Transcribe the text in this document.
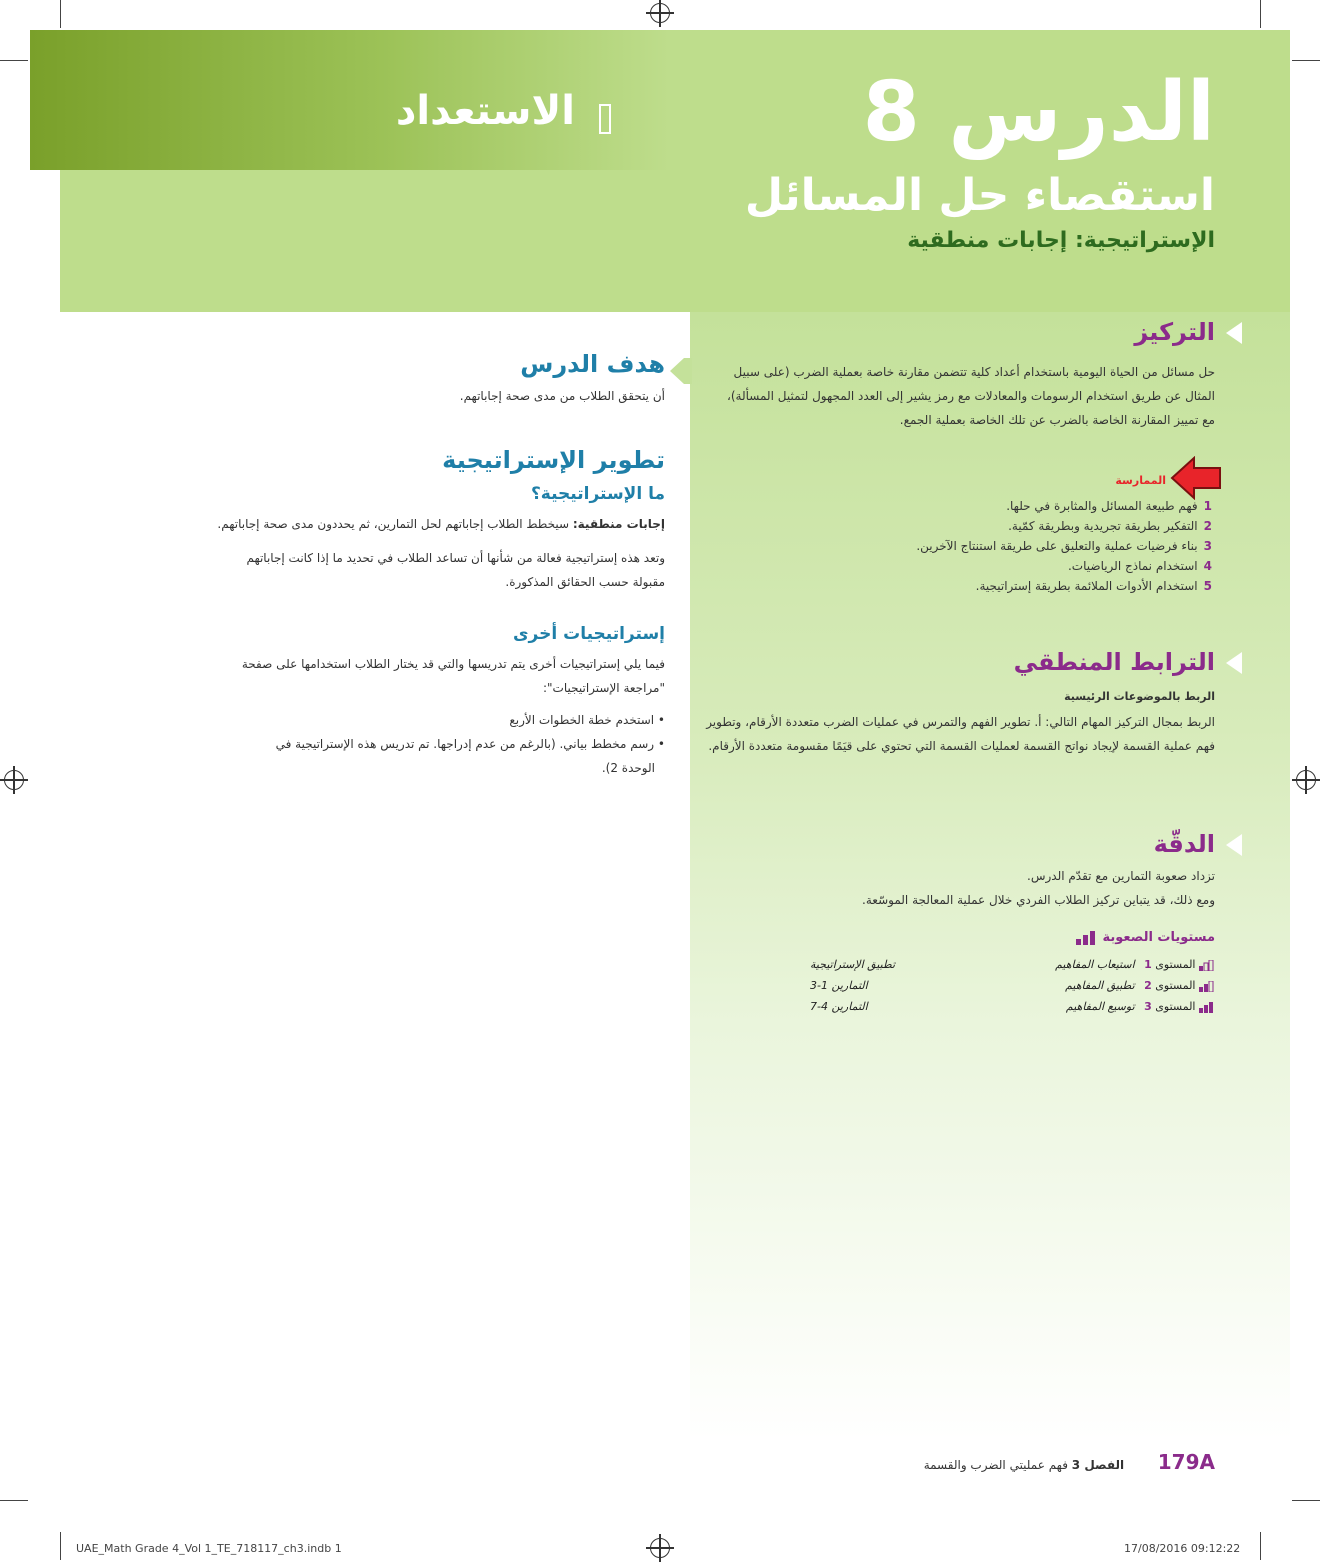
الاستعداد	الدرس 8
استقصاء حل المسائل
الإستراتيجية: إجابات منطقية
التركيز
حل مسائل من الحياة اليومية باستخدام أعداد كلية تتضمن مقارنة خاصة بعملية الضرب (على سبيل
المثال عن طريق استخدام الرسومات والمعادلات مع رمز يشير إلى العدد المجهول لتمثيل المسألة)،
مع تمييز المقارنة الخاصة بالضرب عن تلك الخاصة بعملية الجمع.
الممارسة
1فهم طبيعة المسائل والمثابرة في حلها.
2التفكير بطريقة تجريدية وبطريقة كمّية.
3بناء فرضيات عملية والتعليق على طريقة استنتاج الآخرين.
4استخدام نماذج الرياضيات.
5استخدام الأدوات الملائمة بطريقة إستراتيجية.
الترابط المنطقي
الربط بالموضوعات الرئيسية
الربط بمجال التركيز المهام التالي: أ. تطوير الفهم والتمرس في عمليات الضرب متعددة الأرقام، وتطوير
فهم عملية القسمة لإيجاد نواتج القسمة لعمليات القسمة التي تحتوي على قيَمًا مقسومة متعددة الأرقام.
الدقّة
تزداد صعوبة التمارين مع تقدّم الدرس.
ومع ذلك، قد يتباين تركيز الطلاب الفردي خلال عملية المعالجة الموسّعة.
مستويات الصعوبة
المستوى 1 استيعاب المفاهيم
تطبيق الإستراتيجية
المستوى 2 تطبيق المفاهيم
التمارين 1-3
المستوى 3 توسيع المفاهيم
التمارين 4-7
هدف الدرس
أن يتحقق الطلاب من مدى صحة إجاباتهم.
تطوير الإستراتيجية
ما الإستراتيجية؟
إجابات منطقية: سيخطط الطلاب إجاباتهم لحل التمارين، ثم يحددون مدى صحة إجاباتهم.
وتعد هذه إستراتيجية فعالة من شأنها أن تساعد الطلاب في تحديد ما إذا كانت إجاباتهم
مقبولة حسب الحقائق المذكورة.
إستراتيجيات أخرى
فيما يلي إستراتيجيات أخرى يتم تدريسها والتي قد يختار الطلاب استخدامها على صفحة
"مراجعة الإستراتيجيات":
• استخدم خطة الخطوات الأربع
• رسم مخطط بياني. (بالرغم من عدم إدراجها. تم تدريس هذه الإستراتيجية في
الوحدة 2).
179A  الفصل 3 فهم عمليتي الضرب والقسمة
UAE_Math Grade 4_Vol 1_TE_718117_ch3.indb 1	17/08/2016 09:12:22
